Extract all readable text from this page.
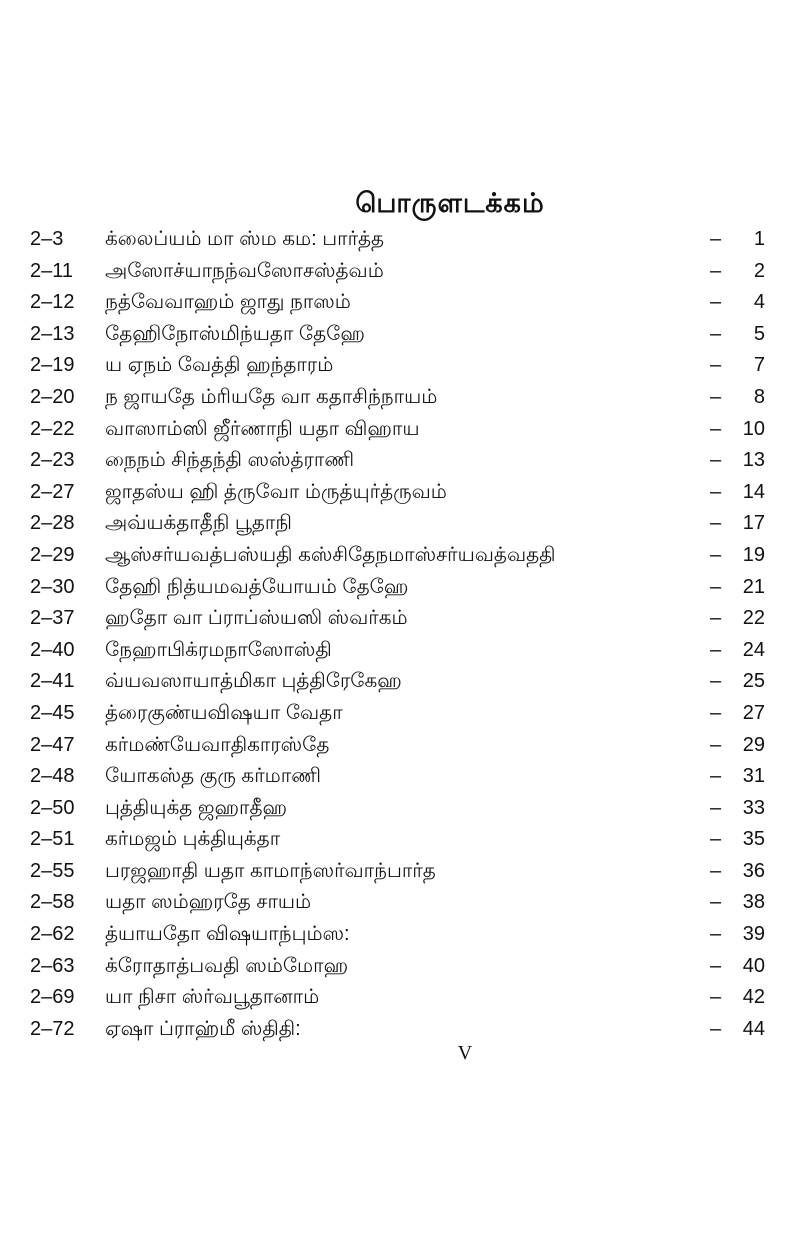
பொருளடக்கம்
2–3 க்லைப்யம் மா ஸ்ம கம: பார்த்த	– 1
2–11 அஸோச்யாநந்வஸோசஸ்த்வம்	– 2
2–12 நத்வேவாஹம் ஜாது நாஸம்	– 4
2–13 தேஹிநோஸ்மிந்யதா தேஹே	– 5
2–19 ய ஏநம் வேத்தி ஹந்தாரம்	– 7
2–20 ந ஜாயதே ம்ரியதே வா கதாசிந்நாயம்	– 8
2–22 வாஸாம்ஸி ஜீர்ணாநி யதா விஹாய	– 10
2–23 நைநம் சிந்தந்தி ஸஸ்த்ராணி	– 13
2–27 ஜாதஸ்ய ஹி த்ருவோ ம்ருத்யுர்த்ருவம்	– 14
2–28 அவ்யக்தாதீநி பூதாநி	– 17
2–29 ஆஸ்சர்யவத்பஸ்யதி கஸ்சிதேநமாஸ்சர்யவத்வததி	– 19
2–30 தேஹி நித்யமவத்யோயம் தேஹே	– 21
2–37 ஹதோ வா ப்ராப்ஸ்யஸி ஸ்வர்கம்	– 22
2–40 நேஹாபிக்ரமநாஸோஸ்தி	– 24
2–41 வ்யவஸாயாத்மிகா புத்திரேகேஹ	– 25
2–45 த்ரைகுண்யவிஷயா வேதா	– 27
2–47 கர்மண்யேவாதிகாரஸ்தே	– 29
2–48 யோகஸ்த குரு கர்மாணி	– 31
2–50 புத்தியுக்த ஜஹாதீஹ	– 33
2–51 கர்மஜம் புக்தியுக்தா	– 35
2–55 பரஜஹாதி யதா காமாந்ஸர்வாந்பார்த	– 36
2–58 யதா ஸம்ஹரதே சாயம்	– 38
2–62 த்யாயதோ விஷயாந்பும்ஸ:	– 39
2–63 க்ரோதாத்பவதி ஸம்மோஹ	– 40
2–69 யா நிசா ஸ்ர்வபூதானாம்	– 42
2–72 ஏஷா ப்ராஹ்மீ ஸ்திதி:	– 44
V
